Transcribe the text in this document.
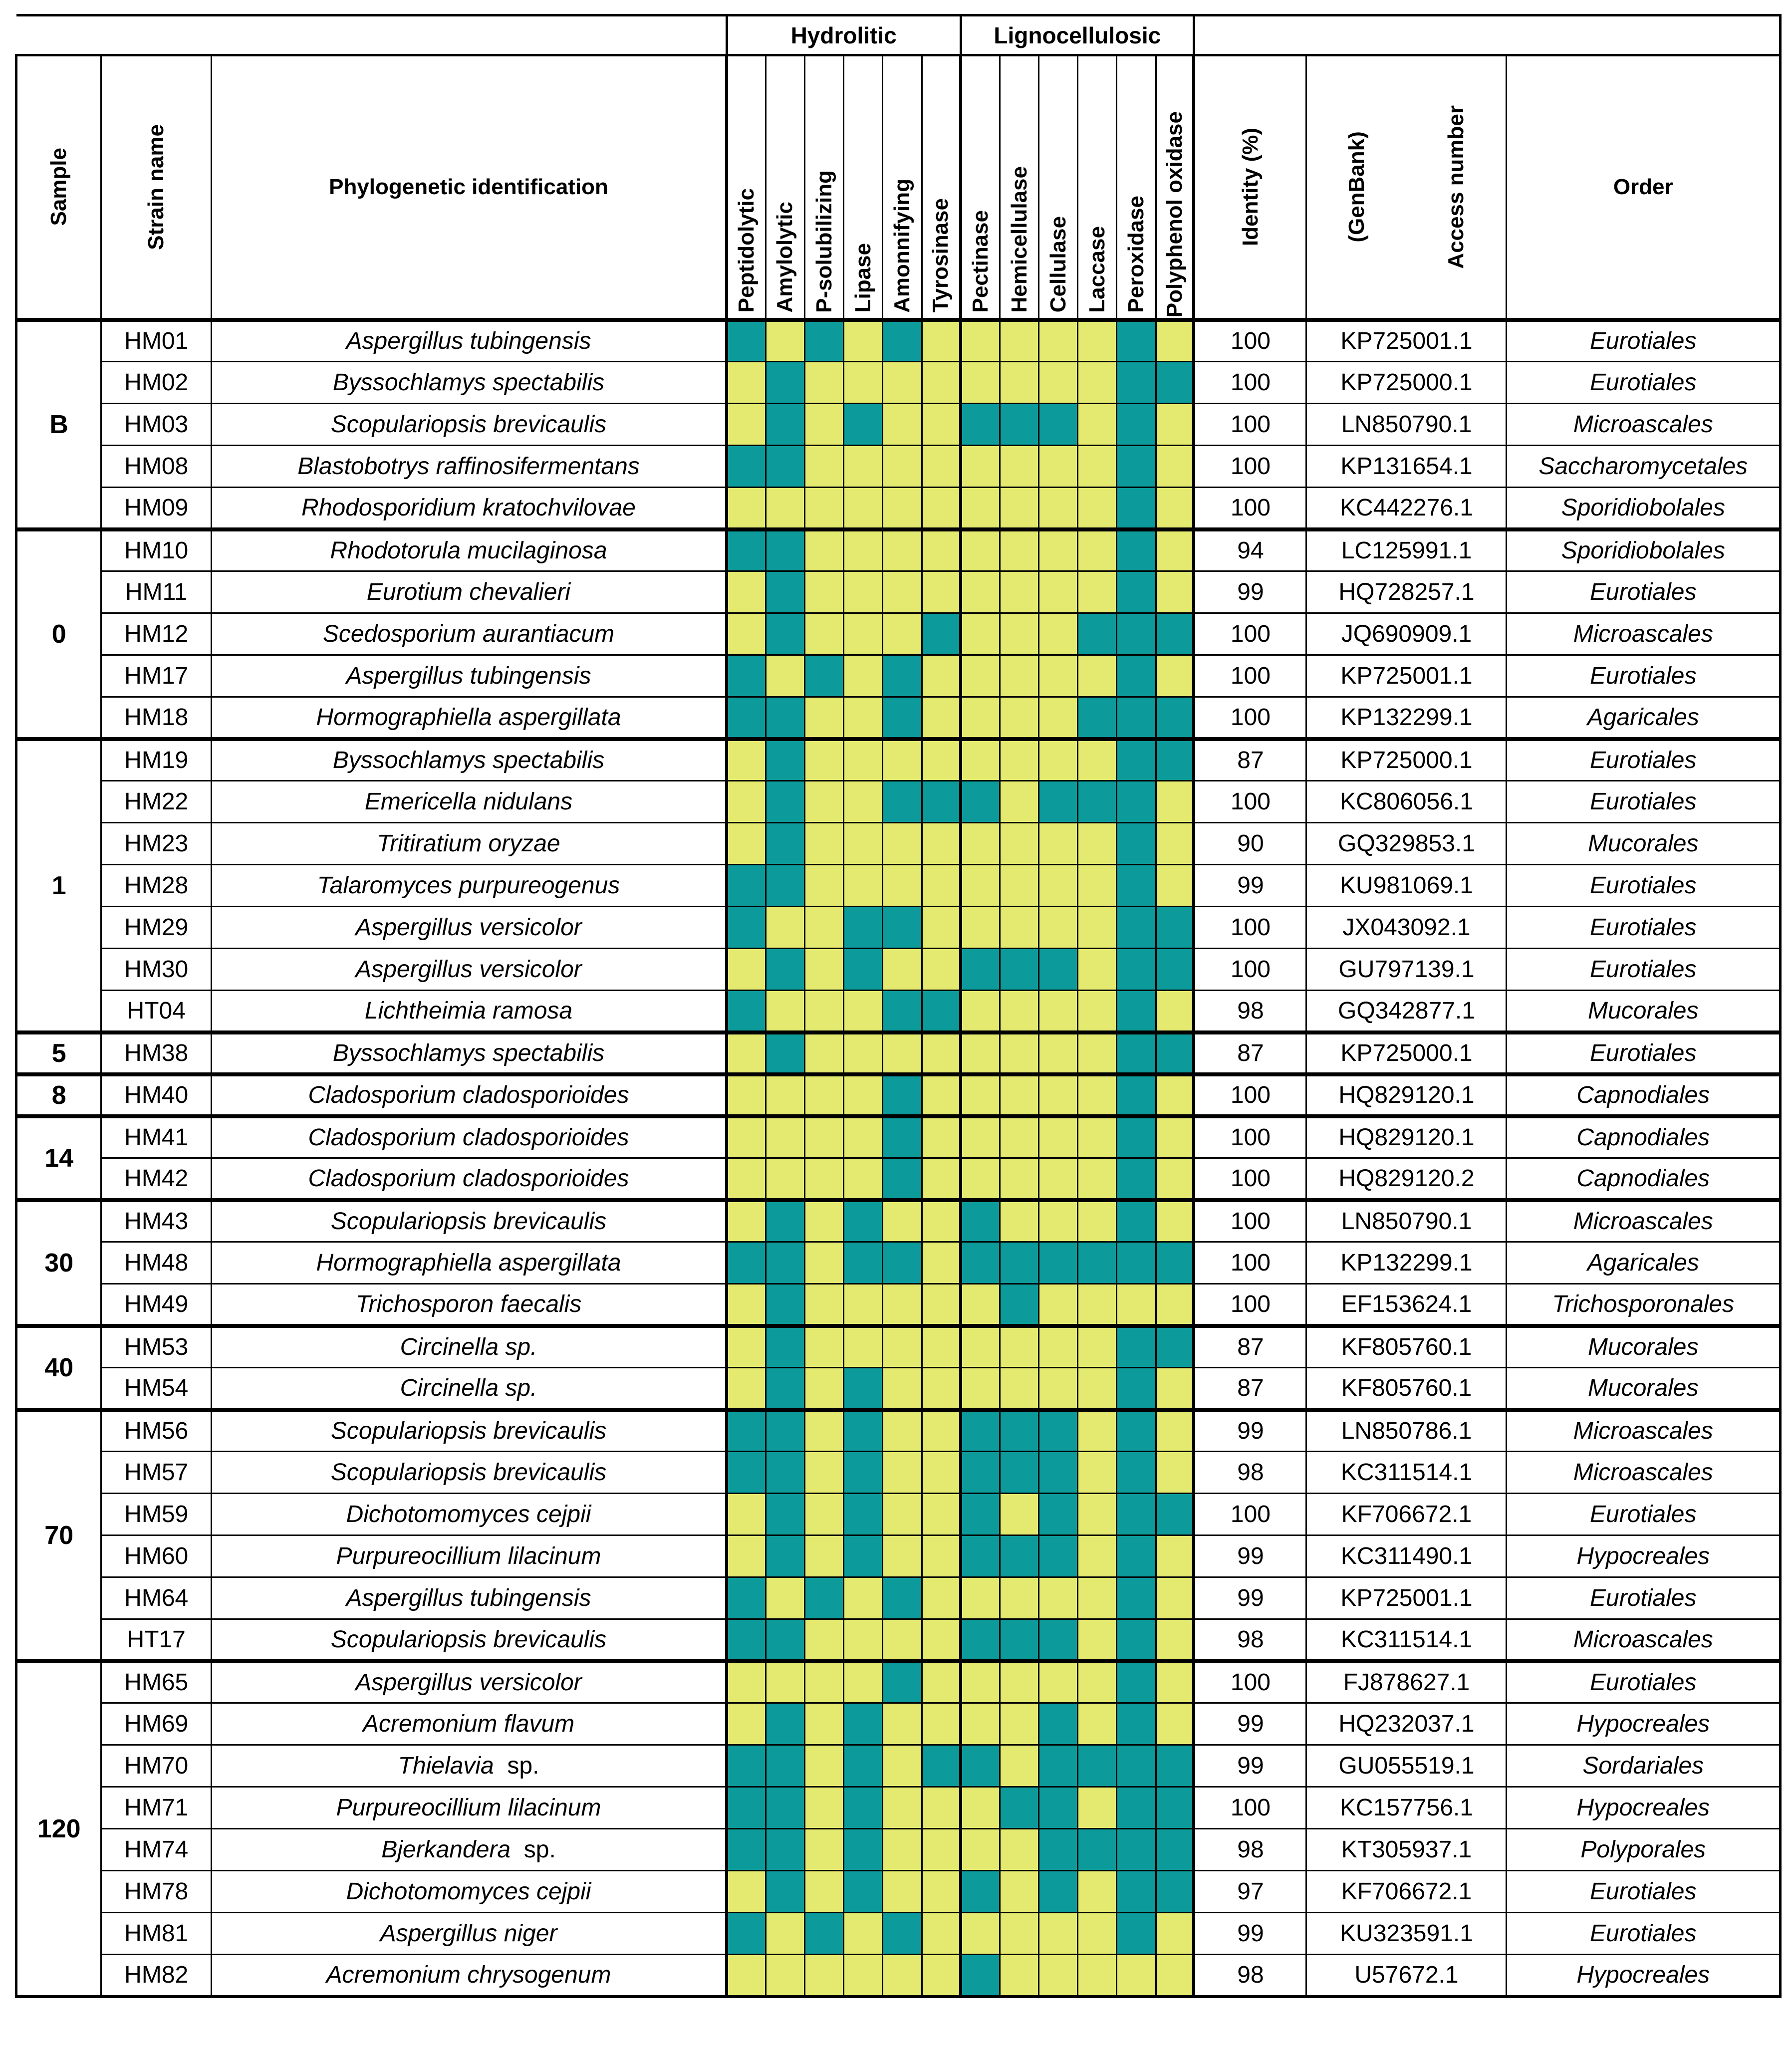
			Hydrolitic						Lignocellulosic								

Sample	Strain name	Phylogenetic identification	Peptidolytic	Amylolytic	P-solubilizing	Lipase	Amonnifying	Tyrosinase	Pectinase	Hemicellulase	Cellulase	Laccase	Peroxidase	Polyphenol oxidase	Identity (%)	(GenBank) Access number	Order
B	HM01	Aspergillus tubingensis													100	KP725001.1	Eurotiales
	HM02	Byssochlamys spectabilis													100	KP725000.1	Eurotiales
	HM03	Scopulariopsis brevicaulis													100	LN850790.1	Microascales
	HM08	Blastobotrys raffinosifermentans													100	KP131654.1	Saccharomycetales
	HM09	Rhodosporidium kratochvilovae													100	KC442276.1	Sporidiobolales
0	HM10	Rhodotorula mucilaginosa													94	LC125991.1	Sporidiobolales
	HM11	Eurotium chevalieri													99	HQ728257.1	Eurotiales
	HM12	Scedosporium aurantiacum													100	JQ690909.1	Microascales
	HM17	Aspergillus tubingensis													100	KP725001.1	Eurotiales
	HM18	Hormographiella aspergillata													100	KP132299.1	Agaricales
1	HM19	Byssochlamys spectabilis													87	KP725000.1	Eurotiales
	HM22	Emericella nidulans													100	KC806056.1	Eurotiales
	HM23	Tritiratium oryzae													90	GQ329853.1	Mucorales
	HM28	Talaromyces purpureogenus													99	KU981069.1	Eurotiales
	HM29	Aspergillus versicolor													100	JX043092.1	Eurotiales
	HM30	Aspergillus versicolor													100	GU797139.1	Eurotiales
	HT04	Lichtheimia ramosa													98	GQ342877.1	Mucorales
5	HM38	Byssochlamys spectabilis													87	KP725000.1	Eurotiales
8	HM40	Cladosporium cladosporioides													100	HQ829120.1	Capnodiales
14	HM41	Cladosporium cladosporioides													100	HQ829120.1	Capnodiales
	HM42	Cladosporium cladosporioides													100	HQ829120.2	Capnodiales
30	HM43	Scopulariopsis brevicaulis													100	LN850790.1	Microascales
	HM48	Hormographiella aspergillata													100	KP132299.1	Agaricales
	HM49	Trichosporon faecalis													100	EF153624.1	Trichosporonales
40	HM53	Circinella sp.													87	KF805760.1	Mucorales
	HM54	Circinella sp.													87	KF805760.1	Mucorales
70	HM56	Scopulariopsis brevicaulis													99	LN850786.1	Microascales
	HM57	Scopulariopsis brevicaulis													98	KC311514.1	Microascales
	HM59	Dichotomomyces cejpii													100	KF706672.1	Eurotiales
	HM60	Purpureocillium lilacinum													99	KC311490.1	Hypocreales
	HM64	Aspergillus tubingensis													99	KP725001.1	Eurotiales
	HT17	Scopulariopsis brevicaulis													98	KC311514.1	Microascales
120	HM65	Aspergillus versicolor													100	FJ878627.1	Eurotiales
	HM69	Acremonium flavum													99	HQ232037.1	Hypocreales
	HM70	Thielavia sp.													99	GU055519.1	Sordariales
	HM71	Purpureocillium lilacinum													100	KC157756.1	Hypocreales
	HM74	Bjerkandera sp.													98	KT305937.1	Polyporales
	HM78	Dichotomomyces cejpii													97	KF706672.1	Eurotiales
	HM81	Aspergillus niger													99	KU323591.1	Eurotiales
	HM82	Acremonium chrysogenum													98	U57672.1	Hypocreales
